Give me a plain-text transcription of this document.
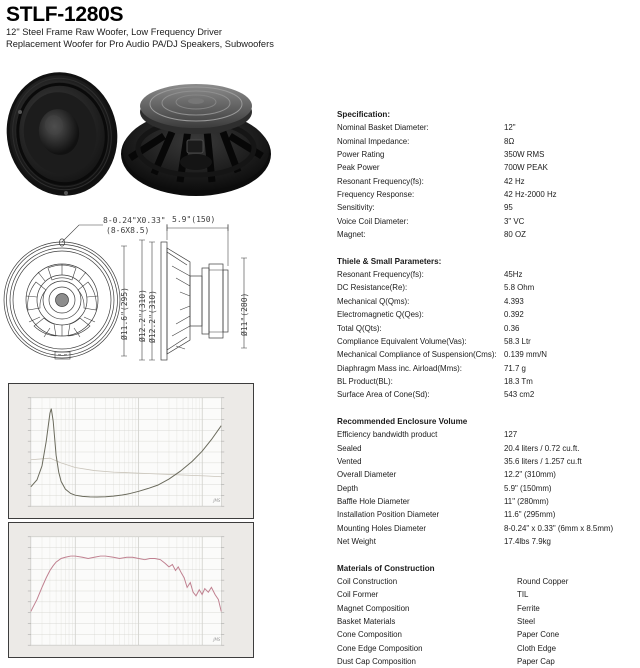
STLF-1280S
12" Steel Frame Raw Woofer, Low Frequency Driver
Replacement Woofer for Pro Audio PA/DJ Speakers, Subwoofers
8-0.24"X0.33"
(8-6X8.5)
5.9"(150)
Ø11.6"(295) Ø12.2"(310) Ø12.2"(310)	Ø11"(280)
JMS
JMS
Specification:
Nominal Basket Diameter:	12"
Nominal Impedance:	8Ω
Power Rating	350W RMS
Peak Power	700W PEAK
Resonant Frequency(fs):	42 Hz
Frequency Response:	42 Hz-2000 Hz
Sensitivity:	95
Voice Coil Diameter:	3" VC
Magnet:	80 OZ
Thiele & Small Parameters:
Resonant Frequency(fs):	45Hz
DC Resistance(Re):	5.8 Ohm
Mechanical Q(Qms):	4.393
Electromagnetic Q(Qes):	0.392
Total Q(Qts):	0.36
Compliance Equivalent Volume(Vas):	58.3 Ltr
Mechanical Compliance of Suspension(Cms): 0.139 mm/N
Diaphragm Mass inc. Airload(Mms):	71.7 g
BL Product(BL):	18.3 Tm
Surface Area of Cone(Sd):	543 cm2
Recommended Enclosure Volume
Efficiency bandwidth product	127
Sealed	20.4 liters / 0.72 cu.ft.
Vented	35.6 liters / 1.257 cu.ft
Overall Diameter	12.2" (310mm)
Depth	5.9" (150mm)
Baffle Hole Diameter	11" (280mm)
Installation Position Diameter	11.6" (295mm)
Mounting Holes Diameter	8-0.24" x 0.33" (6mm x 8.5mm)
Net Weight	17.4lbs 7.9kg
Materials of Construction
Coil Construction	Round Copper
Coil Former	TIL
Magnet Composition	Ferrite
Basket Materials	Steel
Cone Composition	Paper Cone
Cone Edge Composition	Cloth Edge
Dust Cap Composition	Paper Cap
